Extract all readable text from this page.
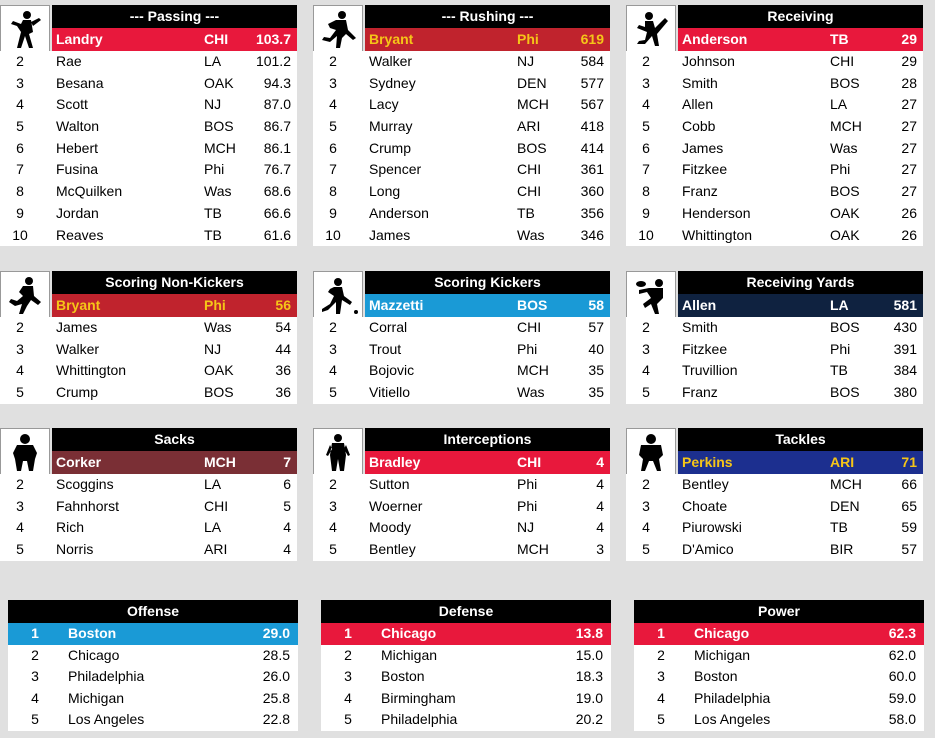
--- Passing ---
Landry	CHI 103.7
2	Rae	LA 101.2
3	Besana	OAK 94.3
4	Scott	NJ	87.0
5	Walton	BOS 86.7
6	Hebert	MCH 86.1
7	Fusina	Phi	76.7
8	McQuilken	Was 68.6
9	Jordan	TB	66.6
10	Reaves	TB	61.6
--- Rushing ---
Bryant	Phi	619
2	Walker	NJ	584
3	Sydney	DEN 577
4	Lacy	MCH 567
5	Murray	ARI	418
6	Crump	BOS 414
7	Spencer	CHI	361
8	Long	CHI	360
9	Anderson	TB	356
10	James	Was	346
Receiving
Anderson	TB	29
2	Johnson	CHI	29
3	Smith	BOS	28
4	Allen	LA	27
5	Cobb	MCH	27
6	James	Was	27
7	Fitzkee	Phi	27
8	Franz	BOS	27
9	Henderson	OAK	26
10	Whittington	OAK	26
Scoring Non-Kickers
Bryant	Phi	56
2	James	Was	54
3	Walker	NJ	44
4	Whittington	OAK	36
5	Crump	BOS	36
Scoring Kickers
Mazzetti	BOS	58
2	Corral	CHI	57
3	Trout	Phi	40
4	Bojovic	MCH	35
5	Vitiello	Was	35
Receiving Yards
Allen	LA	581
2	Smith	BOS 430
3	Fitzkee	Phi	391
4	Truvillion	TB	384
5	Franz	BOS 380
Sacks
Corker	MCH	7
2	Scoggins	LA	6
3	Fahnhorst	CHI	5
4	Rich	LA	4
5	Norris	ARI	4
Interceptions
Bradley	CHI	4
2	Sutton	Phi	4
3	Woerner	Phi	4
4	Moody	NJ	4
5	Bentley	MCH	3
Tackles
Perkins	ARI	71
2	Bentley	MCH	66
3	Choate	DEN	65
4	Piurowski	TB	59
5	D'Amico	BIR	57
Offense
1	Boston	29.0
2	Chicago	28.5
3	Philadelphia	26.0
4	Michigan	25.8
5	Los Angeles	22.8
Defense
1	Chicago	13.8
2	Michigan	15.0
3	Boston	18.3
4	Birmingham	19.0
5	Philadelphia	20.2
Power
1	Chicago	62.3
2	Michigan	62.0
3	Boston	60.0
4	Philadelphia	59.0
5	Los Angeles	58.0
